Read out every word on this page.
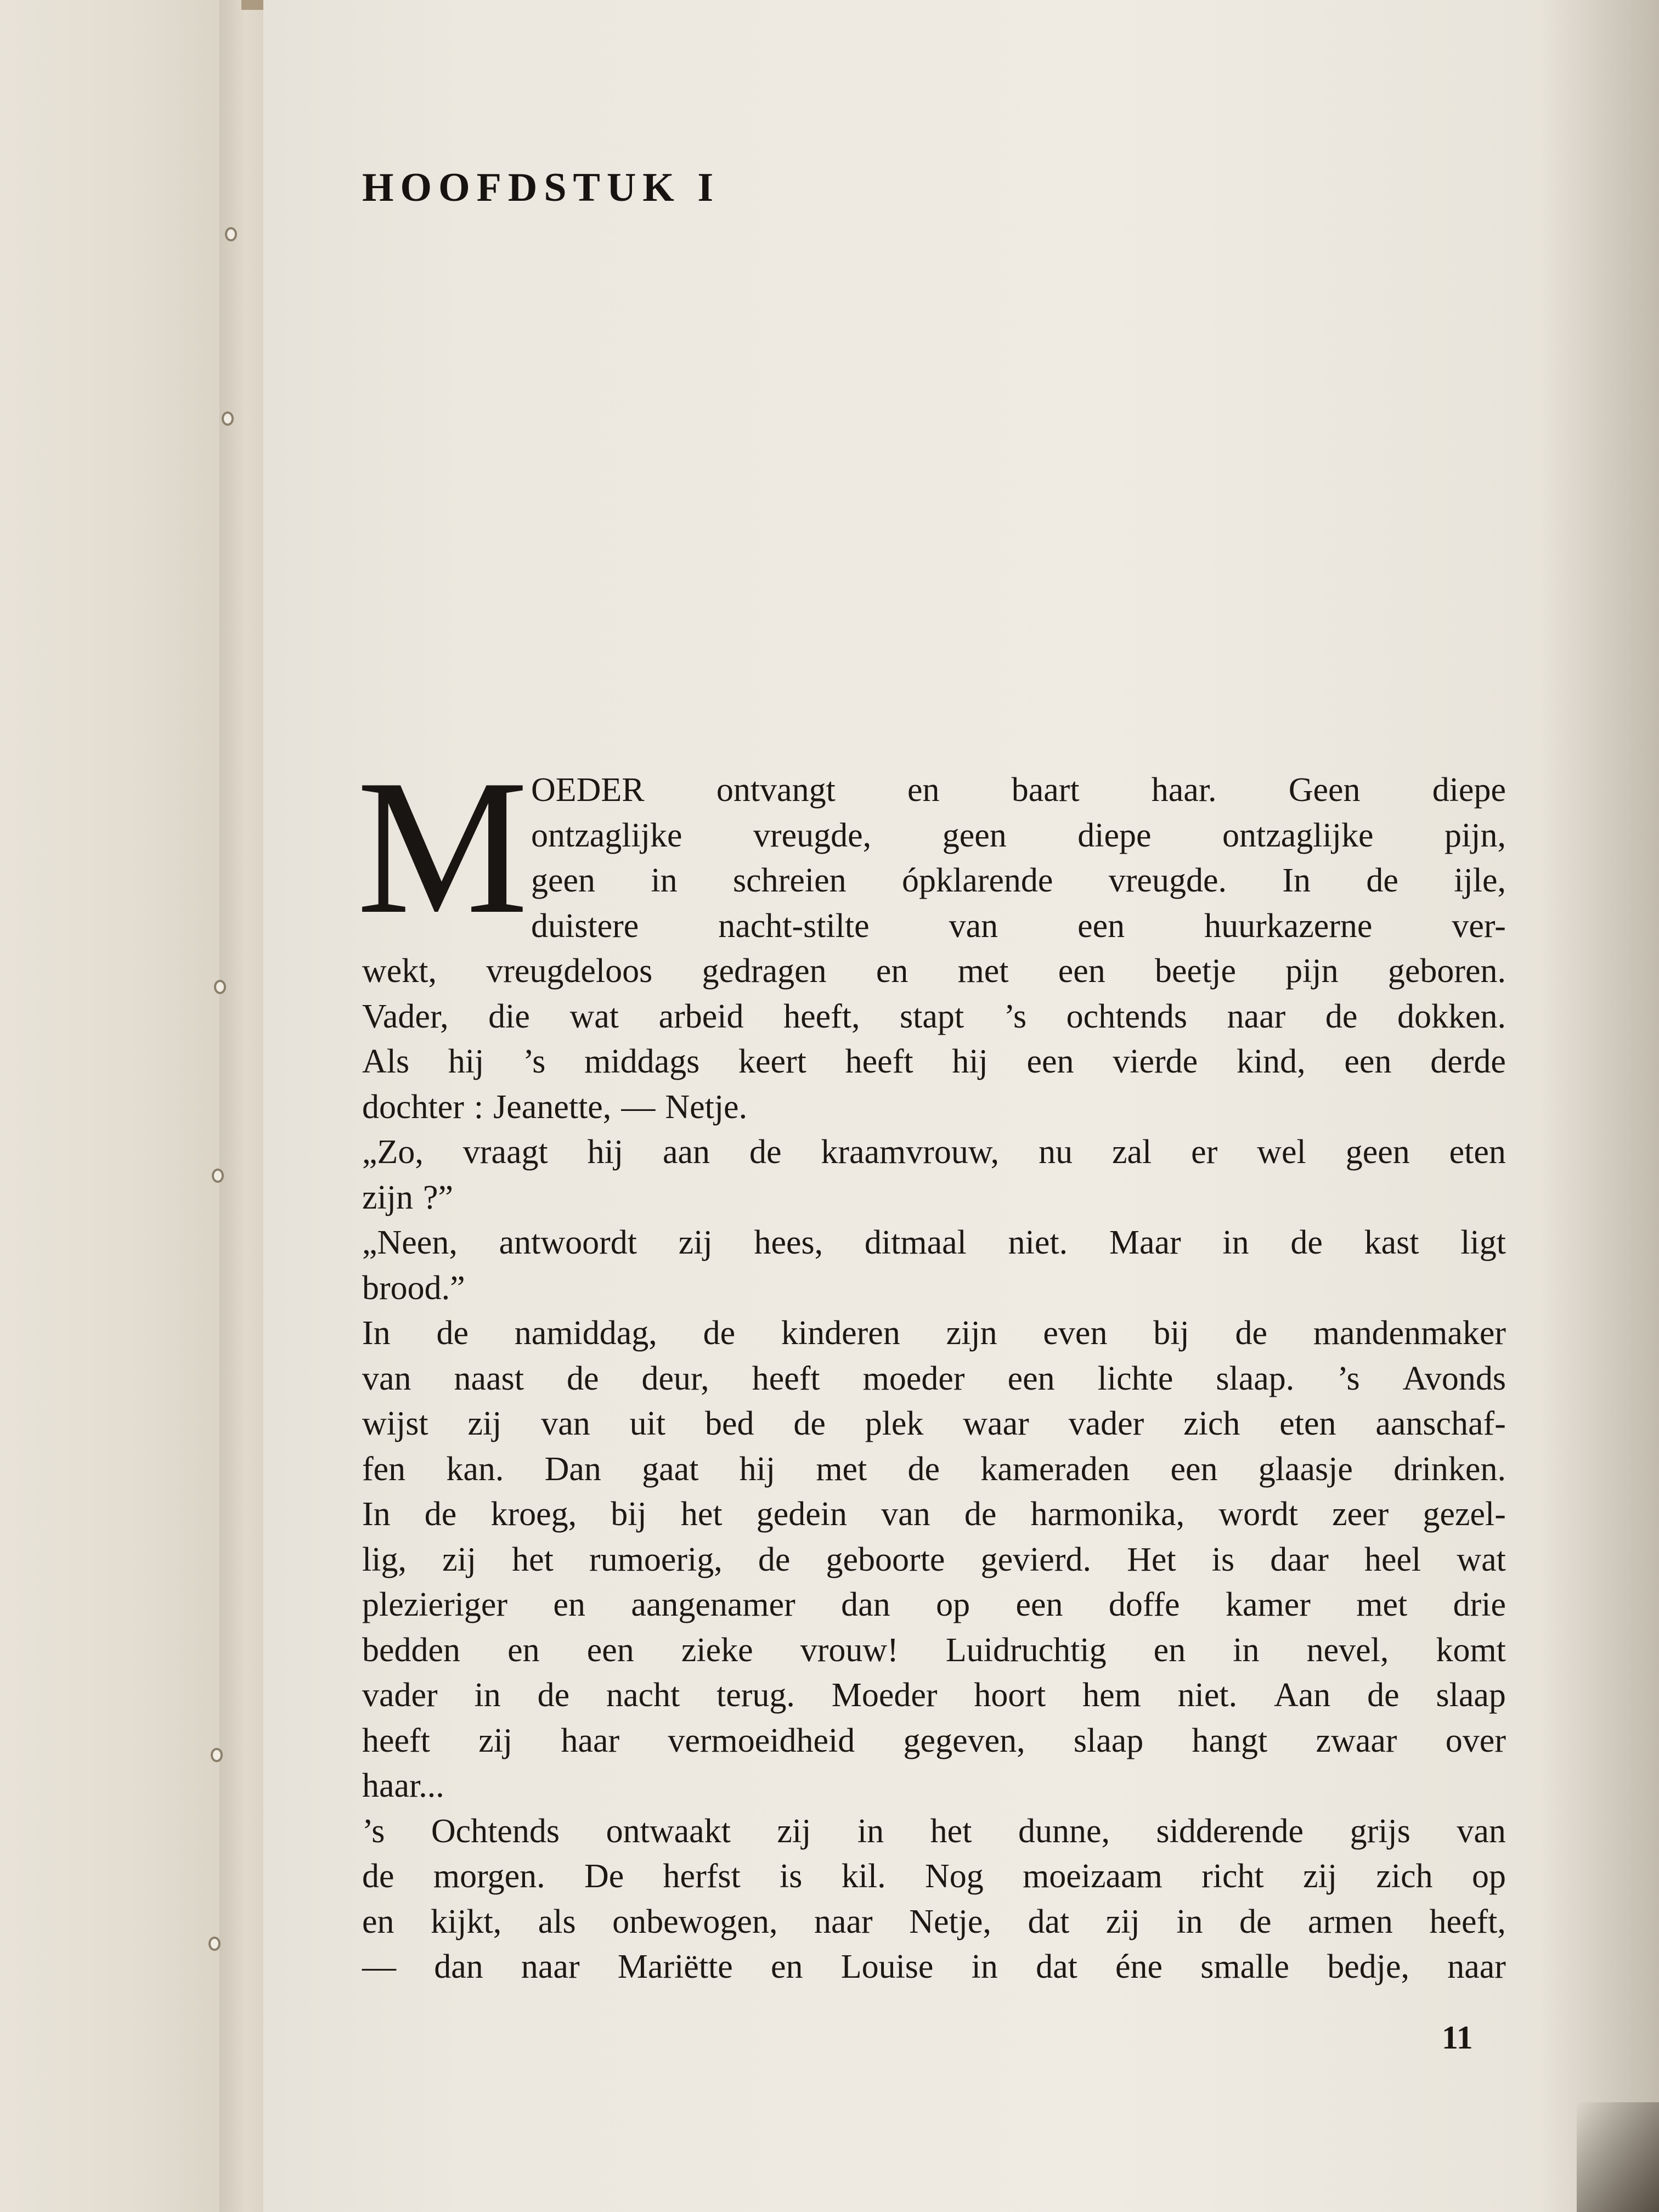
HOOFDSTUK I
M OEDER ontvangt en baart haar. Geen diepe
ontzaglijke vreugde, geen diepe ontzaglijke pijn,
geen in schreien ópklarende vreugde. In de ijle,
duistere nacht-stilte van een huurkazerne ver-
wekt, vreugdeloos gedragen en met een beetje pijn geboren.
Vader, die wat arbeid heeft, stapt ’s ochtends naar de dokken.
Als hij ’s middags keert heeft hij een vierde kind, een derde
dochter : Jeanette, — Netje.
„Zo, vraagt hij aan de kraamvrouw, nu zal er wel geen eten
zijn ?”
„Neen, antwoordt zij hees, ditmaal niet. Maar in de kast ligt
brood.”
In de namiddag, de kinderen zijn even bij de mandenmaker
van naast de deur, heeft moeder een lichte slaap. ’s Avonds
wijst zij van uit bed de plek waar vader zich eten aanschaf-
fen kan. Dan gaat hij met de kameraden een glaasje drinken.
In de kroeg, bij het gedein van de harmonika, wordt zeer gezel-
lig, zij het rumoerig, de geboorte gevierd. Het is daar heel wat
plezieriger en aangenamer dan op een doffe kamer met drie
bedden en een zieke vrouw! Luidruchtig en in nevel, komt
vader in de nacht terug. Moeder hoort hem niet. Aan de slaap
heeft zij haar vermoeidheid gegeven, slaap hangt zwaar over
haar...
’s Ochtends ontwaakt zij in het dunne, sidderende grijs van
de morgen. De herfst is kil. Nog moeizaam richt zij zich op
en kijkt, als onbewogen, naar Netje, dat zij in de armen heeft,
— dan naar Mariëtte en Louise in dat éne smalle bedje, naar
11
